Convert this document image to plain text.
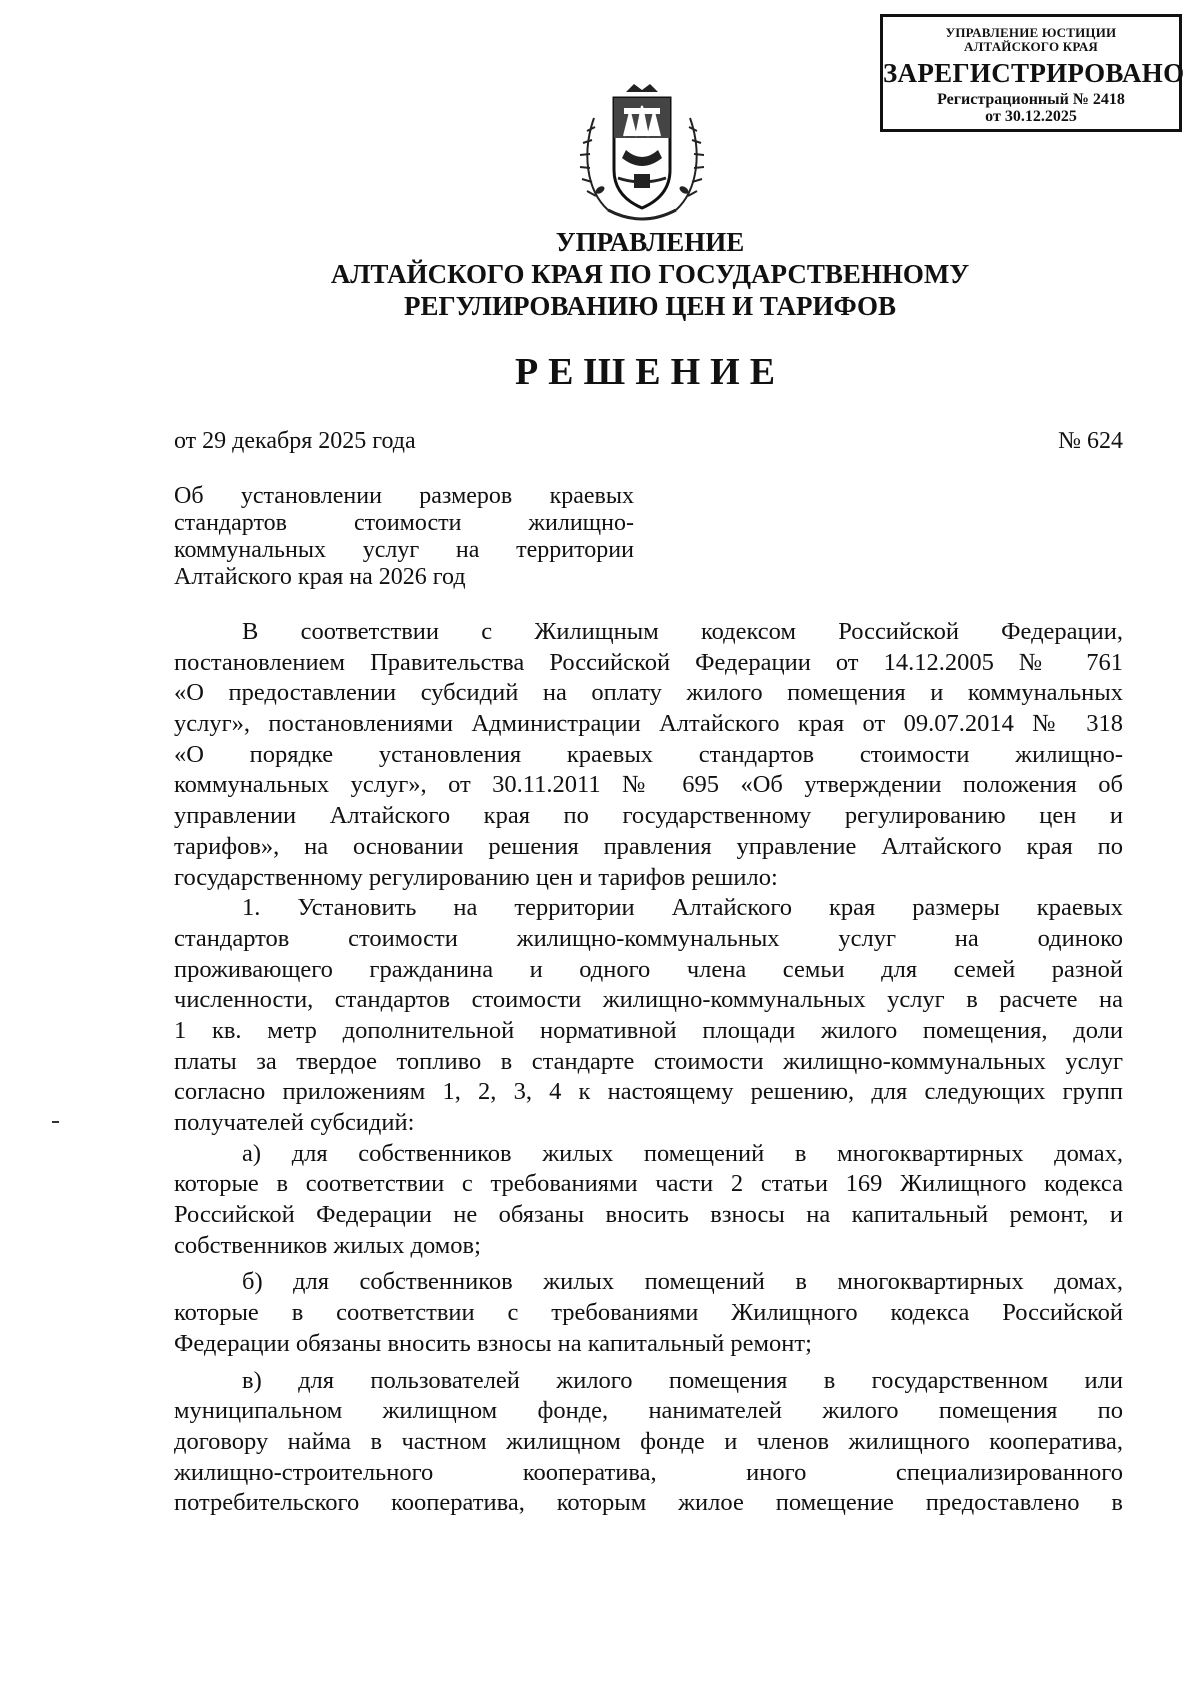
УПРАВЛЕНИЕ ЮСТИЦИИ
АЛТАЙСКОГО КРАЯ
ЗАРЕГИСТРИРОВАНО
Регистрационный № 2418
от 30.12.2025
УПРАВЛЕНИЕ
АЛТАЙСКОГО КРАЯ ПО ГОСУДАРСТВЕННОМУ
РЕГУЛИРОВАНИЮ ЦЕН И ТАРИФОВ
РЕШЕНИЕ
от 29 декабря 2025 года	№ 624
Об установлении размеров краевых
стандартов стоимости жилищно-
коммунальных услуг на территории
Алтайского края на 2026 год
В соответствии с Жилищным кодексом Российской Федерации,
постановлением Правительства Российской Федерации от 14.12.2005 № 761
«О предоставлении субсидий на оплату жилого помещения и коммунальных
услуг», постановлениями Администрации Алтайского края от 09.07.2014 № 318
«О порядке установления краевых стандартов стоимости жилищно-
коммунальных услуг», от 30.11.2011 № 695 «Об утверждении положения об
управлении Алтайского края по государственному регулированию цен и
тарифов», на основании решения правления управление Алтайского края по
государственному регулированию цен и тарифов решило:
1. Установить на территории Алтайского края размеры краевых
стандартов стоимости жилищно-коммунальных услуг на одиноко
проживающего гражданина и одного члена семьи для семей разной
численности, стандартов стоимости жилищно-коммунальных услуг в расчете на
1 кв. метр дополнительной нормативной площади жилого помещения, доли
платы за твердое топливо в стандарте стоимости жилищно-коммунальных услуг
согласно приложениям 1, 2, 3, 4 к настоящему решению, для следующих групп
получателей субсидий:
а) для собственников жилых помещений в многоквартирных домах,
которые в соответствии с требованиями части 2 статьи 169 Жилищного кодекса
Российской Федерации не обязаны вносить взносы на капитальный ремонт, и
собственников жилых домов;
б) для собственников жилых помещений в многоквартирных домах,
которые в соответствии с требованиями Жилищного кодекса Российской
Федерации обязаны вносить взносы на капитальный ремонт;
в) для пользователей жилого помещения в государственном или
муниципальном жилищном фонде, нанимателей жилого помещения по
договору найма в частном жилищном фонде и членов жилищного кооператива,
жилищно-строительного кооператива, иного специализированного
потребительского кооператива, которым жилое помещение предоставлено в
